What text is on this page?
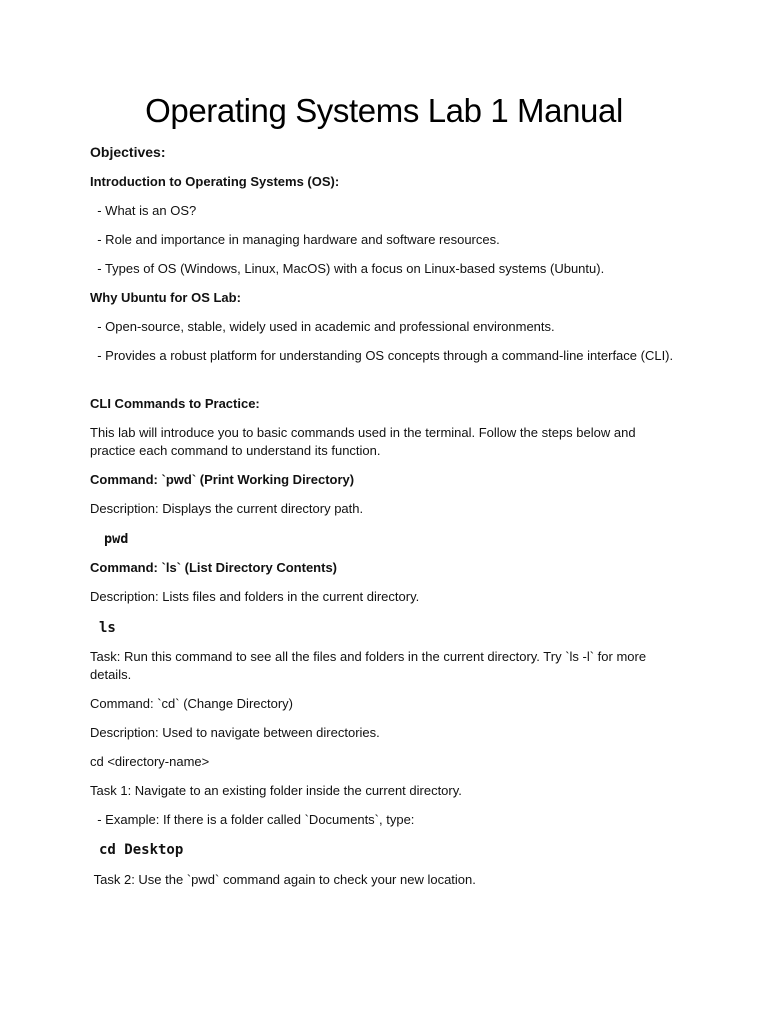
Operating Systems Lab 1 Manual

Objectives:

Introduction to Operating Systems (OS):

- What is an OS?

- Role and importance in managing hardware and software resources.

- Types of OS (Windows, Linux, MacOS) with a focus on Linux-based systems (Ubuntu).

Why Ubuntu for OS Lab:

- Open-source, stable, widely used in academic and professional environments.

- Provides a robust platform for understanding OS concepts through a command-line interface (CLI).

CLI Commands to Practice:

This lab will introduce you to basic commands used in the terminal. Follow the steps below and practice each command to understand its function.

Command: `pwd` (Print Working Directory)

Description: Displays the current directory path.

pwd

Command: `ls` (List Directory Contents)

Description: Lists files and folders in the current directory.

ls

Task: Run this command to see all the files and folders in the current directory. Try `ls -l` for more details.

Command: `cd` (Change Directory)

Description: Used to navigate between directories.

cd <directory-name>

Task 1: Navigate to an existing folder inside the current directory.

- Example: If there is a folder called `Documents`, type:

cd Desktop

Task 2: Use the `pwd` command again to check your new location.
